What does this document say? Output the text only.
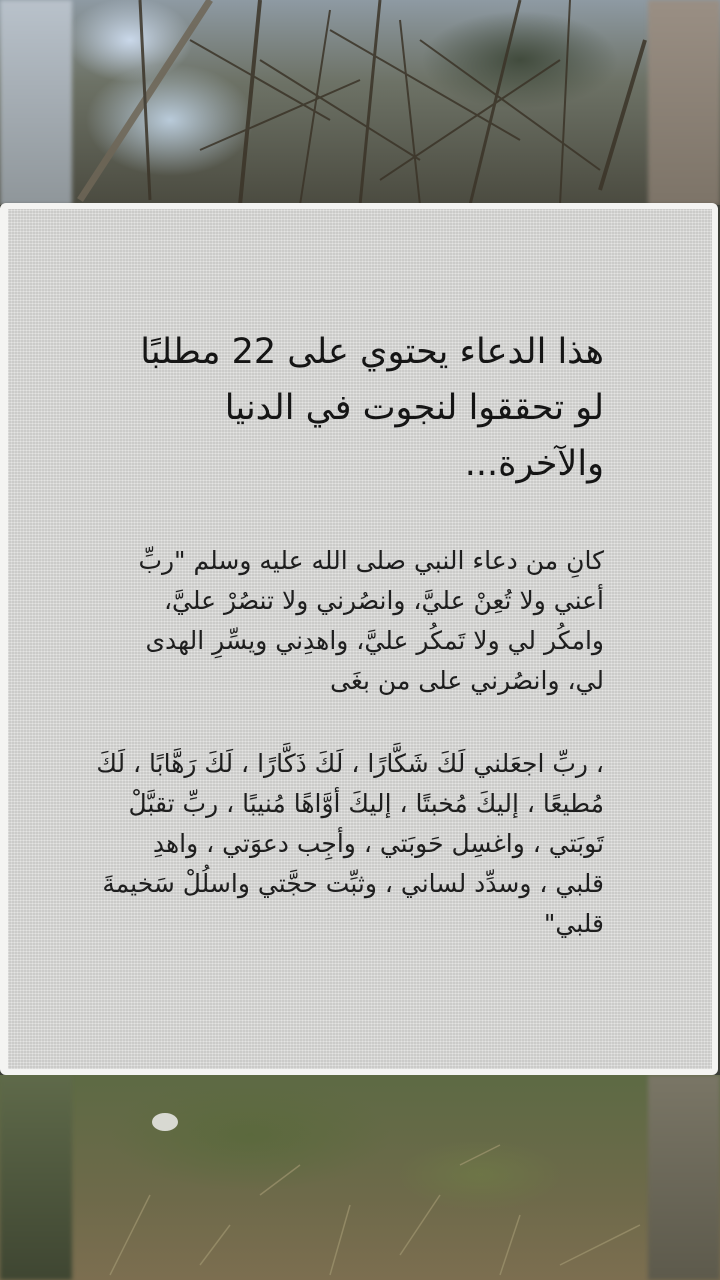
هذا الدعاء يحتوي على 22 مطلبًا
لو تحققوا لنجوت في الدنيا
والآخرة...
كانِ من دعاء النبي صلى الله عليه وسلم "ربِّ
أعني ولا تُعِنْ عليَّ، وانصُرني ولا تنصُرْ عليَّ،
وامكُر لي ولا تَمكُر عليَّ، واهدِني ويسِّرِ الهدى
لي، وانصُرني على من بغَى
، ربِّ اجعَلني لَكَ شَكَّارًا ، لَكَ ذَكَّارًا ، لَكَ رَهَّابًا ، لَكَ
مُطيعًا ، إليكَ مُخبتًا ، إليكَ أوَّاهًا مُنيبًا ، ربِّ تقبَّلْ
تَوبَتي ، واغسِل حَوبَتي ، وأجِب دعوَتي ، واهدِ
قلبي ، وسدِّد لساني ، وثبِّت حجَّتي واسلُلْ سَخيمةَ
قلبي"
